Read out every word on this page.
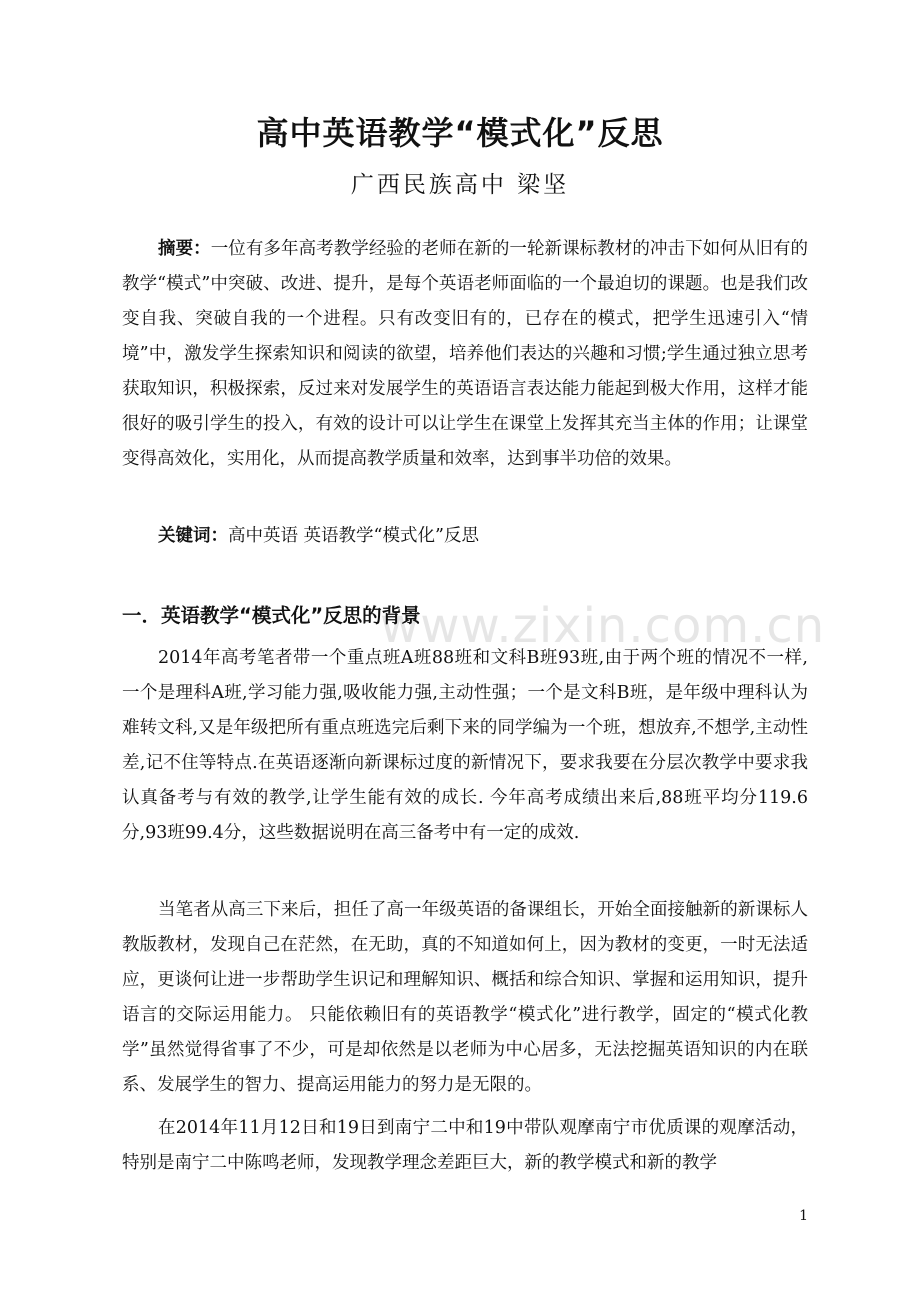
www.zixin.com.cn
高中英语教学“模式化”反思
广西民族高中 梁坚

摘要：一位有多年高考教学经验的老师在新的一轮新课标教材的冲击下如何从旧有的教学“模式”中突破、改进、提升，是每个英语老师面临的一个最迫切的课题。也是我们改变自我、突破自我的一个进程。只有改变旧有的，已存在的模式，把学生迅速引入“情境”中，激发学生探索知识和阅读的欲望，培养他们表达的兴趣和习惯;学生通过独立思考获取知识，积极探索，反过来对发展学生的英语语言表达能力能起到极大作用，这样才能很好的吸引学生的投入，有效的设计可以让学生在课堂上发挥其充当主体的作用；让课堂变得高效化，实用化，从而提高教学质量和效率，达到事半功倍的效果。

关键词：高中英语 英语教学“模式化”反思

一．英语教学“模式化”反思的背景

2014年高考笔者带一个重点班A班88班和文科B班93班,由于两个班的情况不一样,一个是理科A班,学习能力强,吸收能力强,主动性强；一个是文科B班，是年级中理科认为难转文科,又是年级把所有重点班选完后剩下来的同学编为一个班，想放弃,不想学,主动性差,记不住等特点.在英语逐渐向新课标过度的新情况下，要求我要在分层次教学中要求我认真备考与有效的教学,让学生能有效的成长. 今年高考成绩出来后,88班平均分119.6分,93班99.4分，这些数据说明在高三备考中有一定的成效.

当笔者从高三下来后，担任了高一年级英语的备课组长，开始全面接触新的新课标人教版教材，发现自己在茫然，在无助，真的不知道如何上，因为教材的变更，一时无法适应，更谈何让进一步帮助学生识记和理解知识、概括和综合知识、掌握和运用知识，提升语言的交际运用能力。 只能依赖旧有的英语教学“模式化”进行教学，固定的“模式化教学”虽然觉得省事了不少，可是却依然是以老师为中心居多，无法挖掘英语知识的内在联系、发展学生的智力、提高运用能力的努力是无限的。

在2014年11月12日和19日到南宁二中和19中带队观摩南宁市优质课的观摩活动，特别是南宁二中陈鸣老师，发现教学理念差距巨大，新的教学模式和新的教学

1
